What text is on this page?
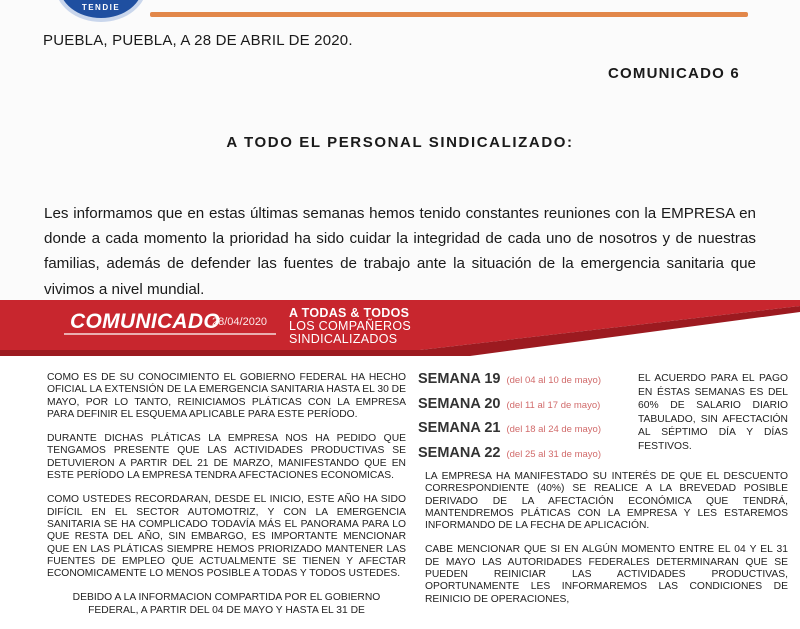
TENDIE
PUEBLA, PUEBLA, A 28 DE ABRIL DE 2020.
COMUNICADO 6
A TODO EL PERSONAL SINDICALIZADO:
Les informamos que en estas últimas semanas hemos tenido constantes reuniones con la EMPRESA en donde a cada momento la prioridad ha sido cuidar la integridad de cada uno de nosotros y de nuestras familias, además de defender las fuentes de trabajo ante la situación de la emergencia sanitaria que vivimos a nivel mundial.
COMUNICADO
28/04/2020
A TODAS & TODOS
LOS COMPAÑEROS
SINDICALIZADOS

COMO ES DE SU CONOCIMIENTO EL GOBIERNO FEDERAL HA HECHO OFICIAL LA EXTENSIÓN DE LA EMERGENCIA SANITARIA HASTA EL 30 DE MAYO, POR LO TANTO, REINICIAMOS PLÁTICAS CON LA EMPRESA PARA DEFINIR EL ESQUEMA APLICABLE PARA ESTE PERÍODO.

DURANTE DICHAS PLÁTICAS LA EMPRESA NOS HA PEDIDO QUE TENGAMOS PRESENTE QUE LAS ACTIVIDADES PRODUCTIVAS SE DETUVIERON A PARTIR DEL 21 DE MARZO, MANIFESTANDO QUE EN ESTE PERÍODO LA EMPRESA TENDRA AFECTACIONES ECONOMICAS.

COMO USTEDES RECORDARAN, DESDE EL INICIO, ESTE AÑO HA SIDO DIFÍCIL EN EL SECTOR AUTOMOTRIZ, Y CON LA EMERGENCIA SANITARIA SE HA COMPLICADO TODAVÍA MÁS EL PANORAMA PARA LO QUE RESTA DEL AÑO, SIN EMBARGO, ES IMPORTANTE MENCIONAR QUE EN LAS PLÁTICAS SIEMPRE HEMOS PRIORIZADO MANTENER LAS FUENTES DE EMPLEO QUE ACTUALMENTE SE TIENEN Y AFECTAR ECONOMICAMENTE LO MENOS POSIBLE A TODAS Y TODOS USTEDES.

DEBIDO A LA INFORMACION COMPARTIDA POR EL GOBIERNO FEDERAL, A PARTIR DEL 04 DE MAYO Y HASTA EL 31 DE

SEMANA 19 (del 04 al 10 de mayo)
SEMANA 20 (del 11 al 17 de mayo)
SEMANA 21 (del 18 al 24 de mayo)
SEMANA 22 (del 25 al 31 de mayo)
EL ACUERDO PARA EL PAGO EN ÉSTAS SEMANAS ES DEL 60% DE SALARIO DIARIO TABULADO, SIN AFECTACIÓN AL SÉPTIMO DÍA Y DÍAS FESTIVOS.

LA EMPRESA HA MANIFESTADO SU INTERÉS DE QUE EL DESCUENTO CORRESPONDIENTE (40%) SE REALICE A LA BREVEDAD POSIBLE DERIVADO DE LA AFECTACIÓN ECONÓMICA QUE TENDRÁ, MANTENDREMOS PLÁTICAS CON LA EMPRESA Y LES ESTAREMOS INFORMANDO DE LA FECHA DE APLICACIÓN.

CABE MENCIONAR QUE SI EN ALGÚN MOMENTO ENTRE EL 04 Y EL 31 DE MAYO LAS AUTORIDADES FEDERALES DETERMINARAN QUE SE PUEDEN REINICIAR LAS ACTIVIDADES PRODUCTIVAS, OPORTUNAMENTE LES INFORMAREMOS LAS CONDICIONES DE REINICIO DE OPERACIONES,
